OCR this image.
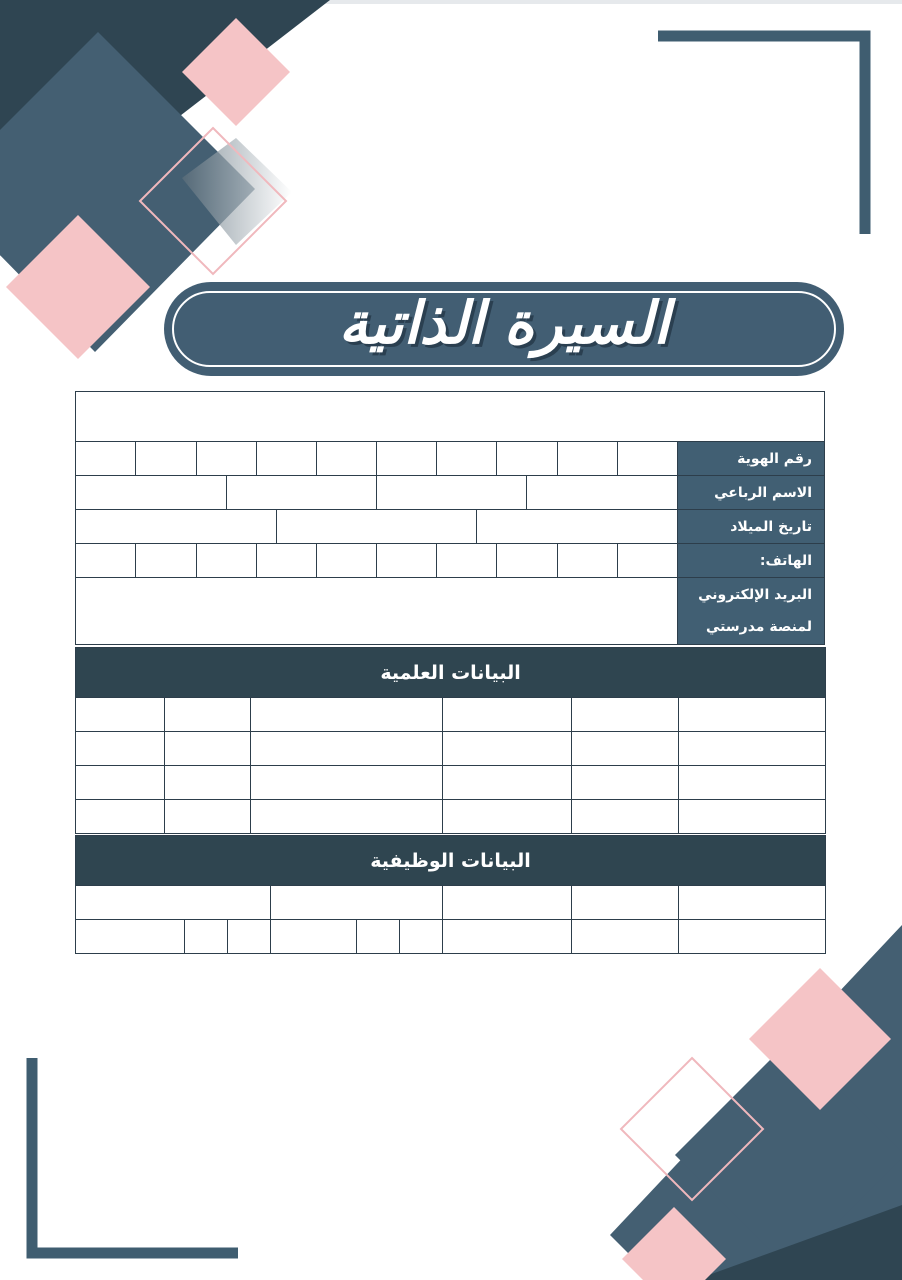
السيرة الذاتية
البيانات الشخصية
رقم الهوية										
الاسم الرباعي	

تاريخ الميلاد	

الهاتف:										

البريد الإلكتروني
لمنصة مدرستي

البيانات العلمية					
التحصيل العلمي	المؤهل	جهة الإصدار	التخصص	التقدير	تاريخه

البيانات الوظيفية								
مسمى الوظيفة	المستوى	الدرجة	تاريخ المباشرة بالوزارة			تاريخ المباشرة بالمدرسة		
